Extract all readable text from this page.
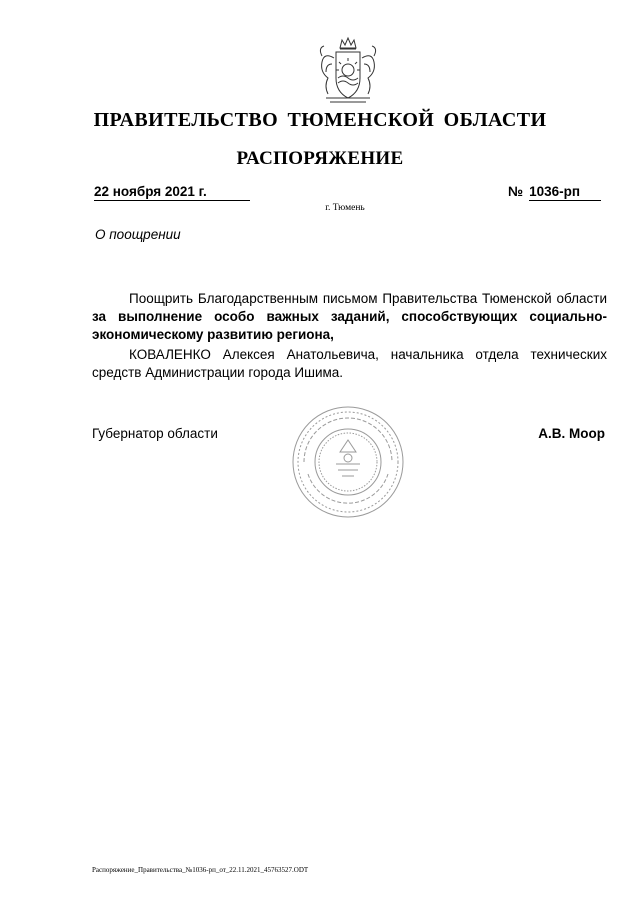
ПРАВИТЕЛЬСТВО ТЮМЕНСКОЙ ОБЛАСТИ
РАСПОРЯЖЕНИЕ
22 ноября 2021 г.	№ 1036-рп
г. Тюмень
О поощрении

Поощрить Благодарственным письмом Правительства Тюменской области за выполнение особо важных заданий, способствующих социально-экономическому развитию региона,

КОВАЛЕНКО Алексея Анатольевича, начальника отдела технических средств Администрации города Ишима.

Губернатор области	А.В. Моор
Распоряжение_Правительства_№1036-рп_от_22.11.2021_45763527.ODT
